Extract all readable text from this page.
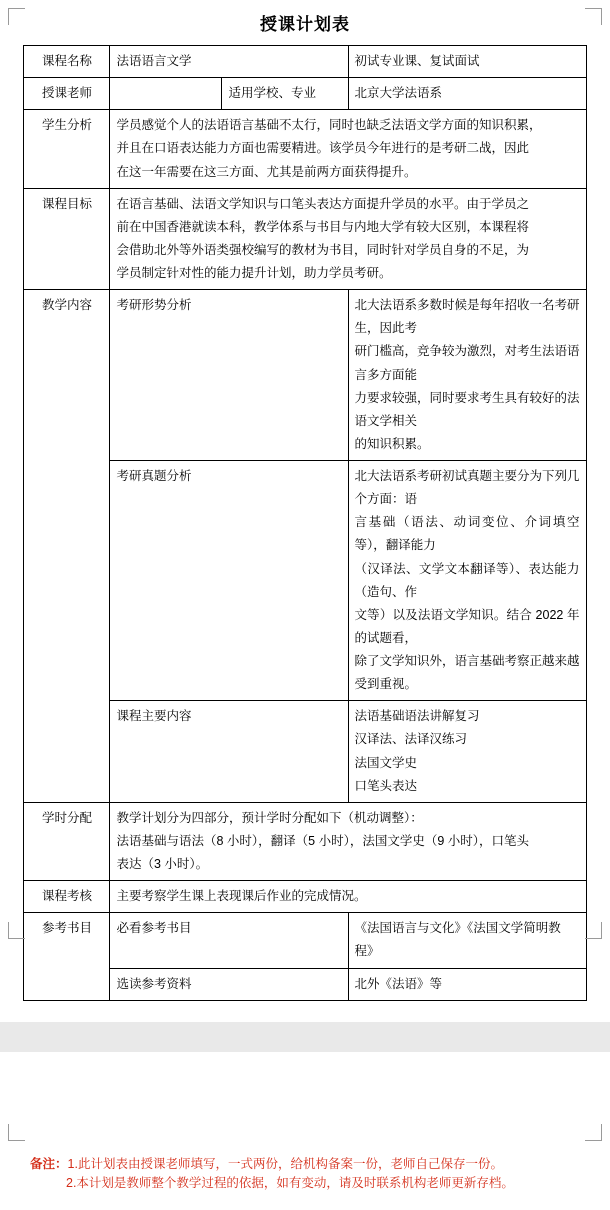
授课计划表
课程名称	法语语言文学		初试专业课、复试面试
授课老师		适用学校、专业	北京大学法语系
学生分析	学员感觉个人的法语语言基础不太行，同时也缺乏法语文学方面的知识积累，
并且在口语表达能力方面也需要精进。该学员今年进行的是考研二战，因此
在这一年需要在这三方面、尤其是前两方面获得提升。		

课程目标	在语言基础、法语文学知识与口笔头表达方面提升学员的水平。由于学员之
前在中国香港就读本科，教学体系与书目与内地大学有较大区别，本课程将
会借助北外等外语类强校编写的教材为书目，同时针对学员自身的不足，为
学员制定针对性的能力提升计划，助力学员考研。		

教学内容	考研形势分析		北大法语系多数时候是每年招收一名考研生，因此考
研门槛高，竞争较为激烈，对考生法语语言多方面能
力要求较强，同时要求考生具有较好的法语文学相关
的知识积累。

	考研真题分析		北大法语系考研初试真题主要分为下列几个方面：语
言基础（语法、动词变位、介词填空等），翻译能力
（汉译法、文学文本翻译等）、表达能力（造句、作
文等）以及法语文学知识。结合 2022 年的试题看，
除了文学知识外，语言基础考察正越来越受到重视。

	课程主要内容		法语基础语法讲解复习
汉译法、法译汉练习
法国文学史
口笔头表达

学时分配	教学计划分为四部分，预计学时分配如下（机动调整）：
法语基础与语法（8 小时），翻译（5 小时），法国文学史（9 小时），口笔头
表达（3 小时）。		

课程考核	主要考察学生课上表现课后作业的完成情况。		

参考书目	必看参考书目		《法国语言与文化》《法国文学简明教程》

	选读参考资料		北外《法语》等
备注：1.此计划表由授课老师填写，一式两份，给机构备案一份，老师自己保存一份。
2.本计划是教师整个教学过程的依据，如有变动，请及时联系机构老师更新存档。
